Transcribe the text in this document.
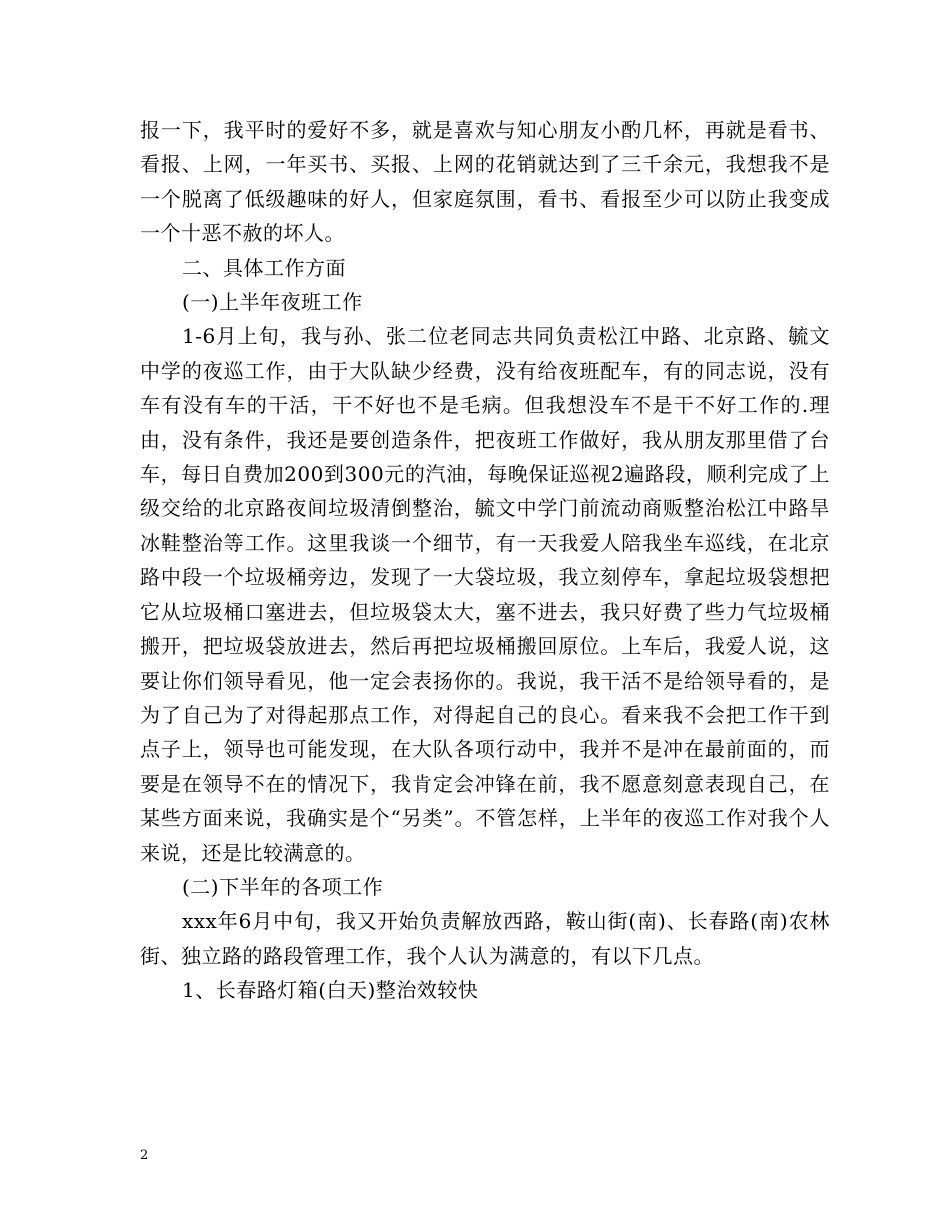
报一下，我平时的爱好不多，就是喜欢与知心朋友小酌几杯，再就是看书、看报、上网，一年买书、买报、上网的花销就达到了三千余元，我想我不是一个脱离了低级趣味的好人，但家庭氛围，看书、看报至少可以防止我变成一个十恶不赦的坏人。

二、具体工作方面

(一)上半年夜班工作

1-6月上旬，我与孙、张二位老同志共同负责松江中路、北京路、毓文中学的夜巡工作，由于大队缺少经费，没有给夜班配车，有的同志说，没有车有没有车的干活，干不好也不是毛病。但我想没车不是干不好工作的.理由，没有条件，我还是要创造条件，把夜班工作做好，我从朋友那里借了台车，每日自费加200到300元的汽油，每晚保证巡视2遍路段，顺利完成了上级交给的北京路夜间垃圾清倒整治，毓文中学门前流动商贩整治松江中路旱冰鞋整治等工作。这里我谈一个细节，有一天我爱人陪我坐车巡线，在北京路中段一个垃圾桶旁边，发现了一大袋垃圾，我立刻停车，拿起垃圾袋想把它从垃圾桶口塞进去，但垃圾袋太大，塞不进去，我只好费了些力气垃圾桶搬开，把垃圾袋放进去，然后再把垃圾桶搬回原位。上车后，我爱人说，这要让你们领导看见，他一定会表扬你的。我说，我干活不是给领导看的，是为了自己为了对得起那点工作，对得起自己的良心。看来我不会把工作干到点子上，领导也可能发现，在大队各项行动中，我并不是冲在最前面的，而要是在领导不在的情况下，我肯定会冲锋在前，我不愿意刻意表现自己，在某些方面来说，我确实是个“另类”。不管怎样，上半年的夜巡工作对我个人来说，还是比较满意的。

(二)下半年的各项工作

xxx年6月中旬，我又开始负责解放西路，鞍山街(南)、长春路(南)农林街、独立路的路段管理工作，我个人认为满意的，有以下几点。

1、长春路灯箱(白天)整治效较快

2
